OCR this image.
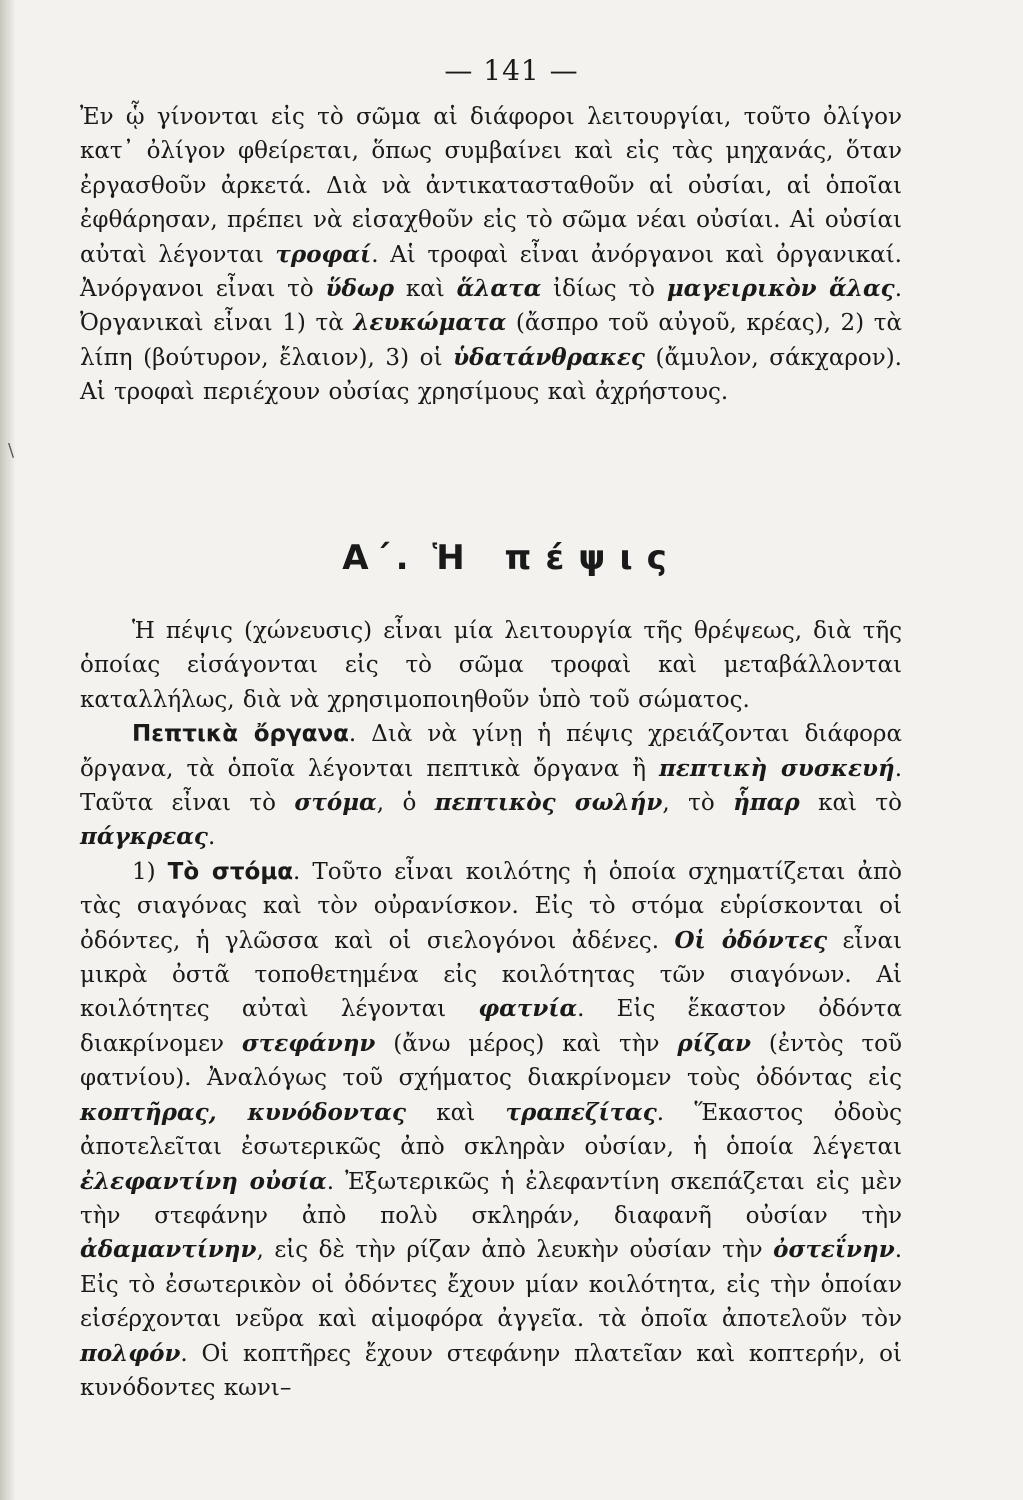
\
— 141 —

Ἐν ᾧ γίνονται εἰς τὸ σῶμα αἱ διάφοροι λειτουργίαι, τοῦτο ὀλίγον κατ᾽ ὀλίγον φθείρεται, ὅπως συμβαίνει καὶ εἰς τὰς μηχανάς, ὅταν ἐργασθοῦν ἀρκετά. Διὰ νὰ ἀντικατασταθοῦν αἱ οὐσίαι, αἱ ὁποῖαι ἐφθάρησαν, πρέπει νὰ εἰσαχθοῦν εἰς τὸ σῶμα νέαι οὐσίαι. Αἱ οὐσίαι αὐταὶ λέγονται τροφαί. Αἱ τροφαὶ εἶναι ἀνόργανοι καὶ ὀργανικαί. Ἀνόργανοι εἶναι τὸ ὕδωρ καὶ ἅλατα ἰδίως τὸ μαγειρικὸν ἅλας. Ὀργανικαὶ εἶναι 1) τὰ λευκώματα (ἄσπρο τοῦ αὐγοῦ, κρέας), 2) τὰ λίπη (βούτυρον, ἔλαιον), 3) οἱ ὑδατάνθρακες (ἄμυλον, σάκχαρον). Αἱ τροφαὶ περιέχουν οὐσίας χρησίμους καὶ ἀχρήστους.

Α΄. Ἡ πέψις

Ἡ πέψις (χώνευσις) εἶναι μία λειτουργία τῆς θρέψεως, διὰ τῆς ὁποίας εἰσάγονται εἰς τὸ σῶμα τροφαὶ καὶ μεταβάλλονται καταλλήλως, διὰ νὰ χρησιμοποιηθοῦν ὑπὸ τοῦ σώματος.

Πεπτικὰ ὄργανα. Διὰ νὰ γίνῃ ἡ πέψις χρειάζονται διάφορα ὄργανα, τὰ ὁποῖα λέγονται πεπτικὰ ὄργανα ἢ πεπτικὴ συσκευή. Ταῦτα εἶναι τὸ στόμα, ὁ πεπτικὸς σωλήν, τὸ ἧπαρ καὶ τὸ πάγκρεας.

1) Τὸ στόμα. Τοῦτο εἶναι κοιλότης ἡ ὁποία σχηματίζεται ἀπὸ τὰς σιαγόνας καὶ τὸν οὐρανίσκον. Εἰς τὸ στόμα εὑρίσκονται οἱ ὀδόντες, ἡ γλῶσσα καὶ οἱ σιελογόνοι ἀδένες. Οἱ ὀδόντες εἶναι μικρὰ ὀστᾶ τοποθετημένα εἰς κοιλότητας τῶν σιαγόνων. Αἱ κοιλότητες αὐταὶ λέγονται φατνία. Εἰς ἕκαστον ὀδόντα διακρίνομεν στεφάνην (ἄνω μέρος) καὶ τὴν ρίζαν (ἐντὸς τοῦ φατνίου). Ἀναλόγως τοῦ σχήματος διακρίνομεν τοὺς ὀδόντας εἰς κοπτῆρας, κυνόδοντας καὶ τραπεζίτας. Ἕκαστος ὀδοὺς ἀποτελεῖται ἐσωτερικῶς ἀπὸ σκληρὰν οὐσίαν, ἡ ὁποία λέγεται ἐλεφαντίνη οὐσία. Ἐξωτερικῶς ἡ ἐλεφαντίνη σκεπάζεται εἰς μὲν τὴν στεφάνην ἀπὸ πολὺ σκληράν, διαφανῆ οὐσίαν τὴν ἀδαμαντίνην, εἰς δὲ τὴν ρίζαν ἀπὸ λευκὴν οὐσίαν τὴν ὀστεΐνην. Εἰς τὸ ἐσωτερικὸν οἱ ὀδόντες ἔχουν μίαν κοιλότητα, εἰς τὴν ὁποίαν εἰσέρχονται νεῦρα καὶ αἱμοφόρα ἀγγεῖα. τὰ ὁποῖα ἀποτελοῦν τὸν πολφόν. Οἱ κοπτῆρες ἔχουν στεφάνην πλατεῖαν καὶ κοπτερήν, οἱ κυνόδοντες κωνι–
